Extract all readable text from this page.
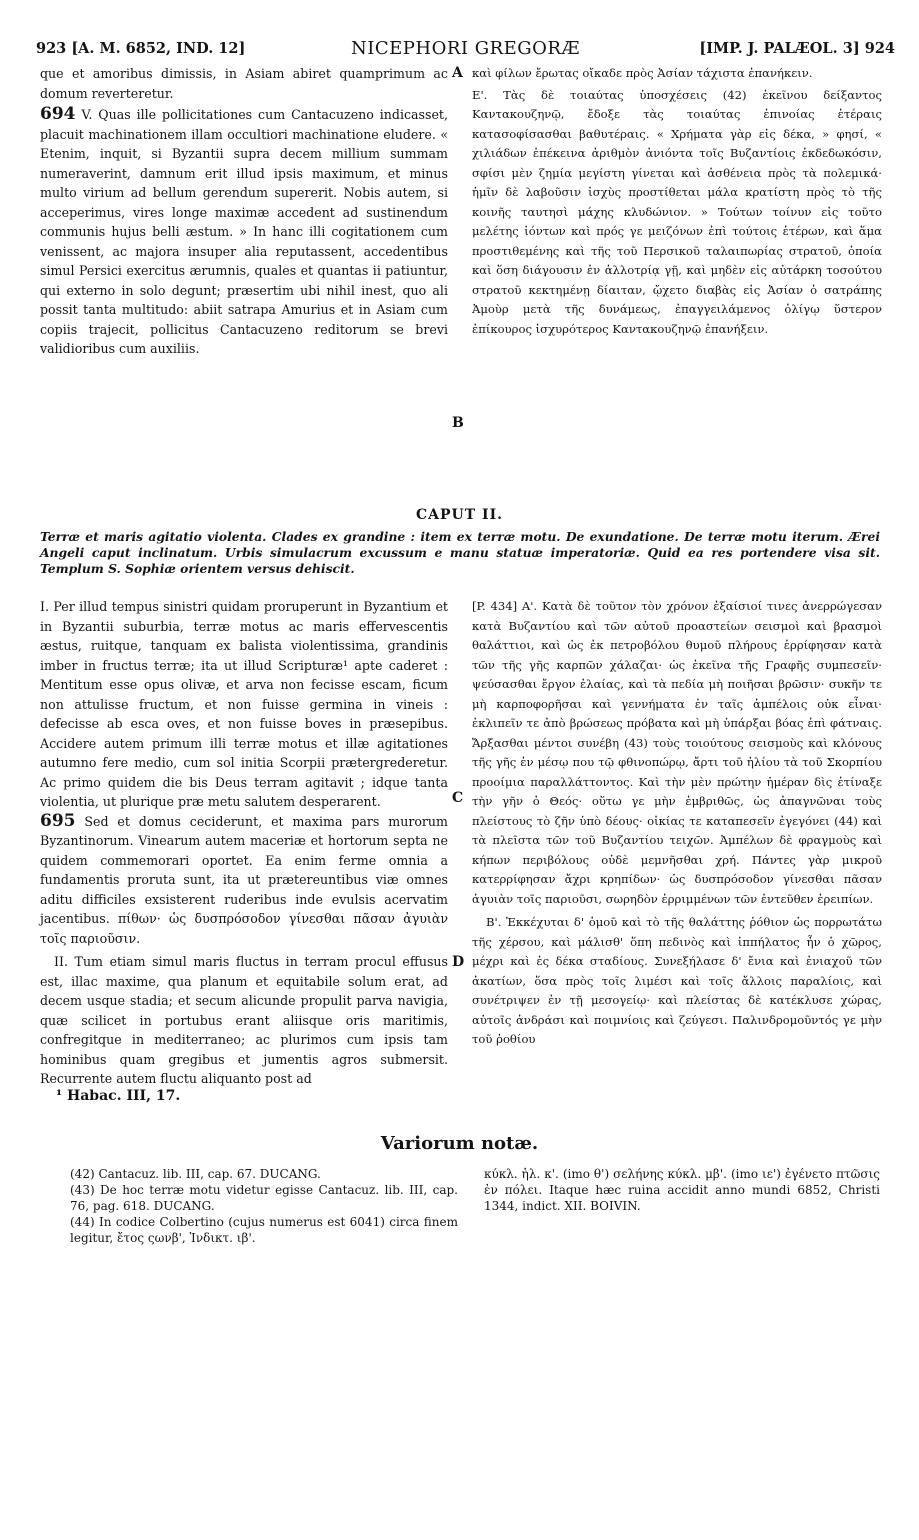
923 [A. M. 6852, IND. 12]	NICEPHORI GREGORÆ	[IMP. J. PALÆOL. 3] 924

que et amoribus dimissis, in Asiam abiret quamprimum ac domum reverteretur.

694 V. Quas ille pollicitationes cum Cantacuzeno indicasset, placuit machinationem illam occultiori machinatione eludere. « Etenim, inquit, si Byzantii supra decem millium summam numeraverint, damnum erit illud ipsis maximum, et minus multo virium ad bellum gerendum supererit. Nobis autem, si acceperimus, vires longe maximæ accedent ad sustinendum communis hujus belli æstum. » In hanc illi cogitationem cum venissent, ac majora insuper alia reputassent, accedentibus simul Persici exercitus ærumnis, quales et quantas ii patiuntur, qui externo in solo degunt; præsertim ubi nihil inest, quo ali possit tanta multitudo: abiit satrapa Amurius et in Asiam cum copiis trajecit, pollicitus Cantacuzeno reditorum se brevi validioribus cum auxiliis.

A καὶ φίλων ἔρωτας οἴκαδε πρὸς Ἀσίαν τάχιστα ἐπανήκειν.

Ε'. Τὰς δὲ τοιαύτας ὑποσχέσεις (42) ἐκεῖνου δείξαντος Καντακουζηνῷ, ἔδοξε τὰς τοιαύτας ἐπινοίας ἑτέραις κατασοφίσασθαι βαθυτέραις. « Χρήματα γὰρ εἰς δέκα, » φησί, « χιλιάδων ἐπέκεινα ἀριθμὸν ἀνιόντα τοῖς Βυζαντίοις ἐκδεδωκόσιν, σφίσι μὲν ζημία μεγίστη γίνεται καὶ ἀσθένεια πρὸς τὰ πολεμικά· ἡμῖν δὲ λαβοῦσιν ἰσχὺς προστίθεται μάλα κρατίστη πρὸς τὸ τῆς κοινῆς ταυτησὶ μάχης κλυδώνιον. » Τούτων τοίνυν εἰς τοῦτο μελέτης ἰόντων καὶ πρός γε μειζόνων ἐπὶ τούτοις ἑτέρων, καὶ ἅμα προστιθεμένης καὶ τῆς τοῦ Περσικοῦ ταλαιπωρίας στρατοῦ, ὁποία καὶ ὅση διάγουσιν ἐν ἀλλοτρίᾳ γῇ, καὶ μηδὲν εἰς αὐτάρκη τοσούτου στρατοῦ κεκτημένῃ δίαιταν, ᾤχετο διαβὰς εἰς Ἀσίαν ὁ σατράπης Ἀμοὺρ μετὰ τῆς δυνάμεως, ἐπαγγειλάμενος ὀλίγῳ ὕστερον ἐπίκουρος ἰσχυρότερος Καντακουζηνῷ ἐπανήξειν.

B
CAPUT II.
Terræ et maris agitatio violenta. Clades ex grandine : item ex terræ motu. De exundatione. De terræ motu iterum. Ærei Angeli caput inclinatum. Urbis simulacrum excussum e manu statuæ imperatoriæ. Quid ea res portendere visa sit. Templum S. Sophiæ orientem versus dehiscit.

I. Per illud tempus sinistri quidam proruperunt in Byzantium et in Byzantii suburbia, terræ motus ac maris effervescentis æstus, ruitque, tanquam ex balista violentissima, grandinis imber in fructus terræ; ita ut illud Scripturæ¹ apte caderet : Mentitum esse opus olivæ, et arva non fecisse escam, ficum non attulisse fructum, et non fuisse germina in vineis : defecisse ab esca oves, et non fuisse boves in præsepibus. Accidere autem primum illi terræ motus et illæ agitationes autumno fere medio, cum sol initia Scorpii prætergrederetur. Ac primo quidem die bis Deus terram agitavit ; idque tanta violentia, ut plurique præ metu salutem desperarent.

695 Sed et domus ceciderunt, et maxima pars murorum Byzantinorum. Vinearum autem maceriæ et hortorum septa ne quidem commemorari oportet. Ea enim ferme omnia a fundamentis proruta sunt, ita ut prætereuntibus viæ omnes aditu difficiles exsisterent ruderibus inde evulsis acervatim jacentibus. πίθων· ὡς δυσπρόσοδον γίνεσθαι πᾶσαν ἀγυιὰν τοῖς παριοῦσιν.

II. Tum etiam simul maris fluctus in terram procul effusus est, illac maxime, qua planum et equitabile solum erat, ad decem usque stadia; et secum alicunde propulit parva navigia, quæ scilicet in portubus erant aliisque oris maritimis, confregitque in mediterraneo; ac plurimos cum ipsis tam hominibus quam gregibus et jumentis agros submersit. Recurrente autem fluctu aliquanto post ad

C
D

[P. 434] Α'. Κατὰ δὲ τοῦτον τὸν χρόνον ἐξαίσιοί τινες ἀνερρώγεσαν κατὰ Βυζαντίου καὶ τῶν αὐτοῦ προαστείων σεισμοὶ καὶ βρασμοὶ θαλάττιοι, καὶ ὡς ἐκ πετροβόλου θυμοῦ πλήρους ἐρρίφησαν κατὰ τῶν τῆς γῆς καρπῶν χάλαζαι· ὡς ἐκεῖνα τῆς Γραφῆς συμπεσεῖν· ψεύσασθαι ἔργον ἐλαίας, καὶ τὰ πεδία μὴ ποιῆσαι βρῶσιν· συκῆν τε μὴ καρποφορῆσαι καὶ γεννήματα ἐν ταῖς ἀμπέλοις οὐκ εἶναι· ἐκλιπεῖν τε ἀπὸ βρώσεως πρόβατα καὶ μὴ ὑπάρξαι βόας ἐπὶ φάτναις. Ἄρξασθαι μέντοι συνέβη (43) τοὺς τοιούτους σεισμοὺς καὶ κλόνους τῆς γῆς ἐν μέσῳ που τῷ φθινοπώρῳ, ἄρτι τοῦ ἡλίου τὰ τοῦ Σκορπίου προοίμια παραλλάττοντος. Καὶ τὴν μὲν πρώτην ἡμέραν δὶς ἐτίναξε τὴν γῆν ὁ Θεός· οὕτω γε μὴν ἐμβριθῶς, ὡς ἀπαγνῶναι τοὺς πλείστους τὸ ζῆν ὑπὸ δέους· οἰκίας τε καταπεσεῖν ἐγεγόνει (44) καὶ τὰ πλεῖστα τῶν τοῦ Βυζαντίου τειχῶν. Ἀμπέλων δὲ φραγμοὺς καὶ κήπων περιβόλους οὐδὲ μεμνῆσθαι χρή. Πάντες γὰρ μικροῦ κατερρίφησαν ἄχρι κρηπίδων· ὡς δυσπρόσοδον γίνεσθαι πᾶσαν ἀγυιὰν τοῖς παριοῦσι, σωρηδὸν ἐρριμμένων τῶν ἐντεῦθεν ἐρειπίων.

Β'. Ἐκκέχυται δ' ὁμοῦ καὶ τὸ τῆς θαλάττης ῥόθιον ὡς πορρωτάτω τῆς χέρσου, καὶ μάλισθ' ὅπη πεδινὸς καὶ ἱππήλατος ἦν ὁ χῶρος, μέχρι καὶ ἐς δέκα σταδίους. Συνεξήλασε δ' ἔνια καὶ ἐνιαχοῦ τῶν ἀκατίων, ὅσα πρὸς τοῖς λιμέσι καὶ τοῖς ἄλλοις παραλίοις, καὶ συνέτριψεν ἐν τῇ μεσογείῳ· καὶ πλείστας δὲ κατέκλυσε χώρας, αὐτοῖς ἀνδράσι καὶ ποιμνίοις καὶ ζεύγεσι. Παλινδρομοῦντός γε μὴν τοῦ ῥοθίου

¹ Habac. III, 17.
Variorum notæ.

(42) Cantacuz. lib. III, cap. 67. DUCANG.

(43) De hoc terræ motu videtur egisse Cantacuz. lib. III, cap. 76, pag. 618. DUCANG.

(44) In codice Colbertino (cujus numerus est 6041) circa finem legitur, ἔτος ςωνβ', Ἰνδικτ. ιβ'.

κύκλ. ἡλ. κ'. (imo θ') σελήνης κύκλ. μβ'. (imo ιε') ἐγένετο πτῶσις ἐν πόλει. Itaque hæc ruina accidit anno mundi 6852, Christi 1344, indict. XII. BOIVIN.
